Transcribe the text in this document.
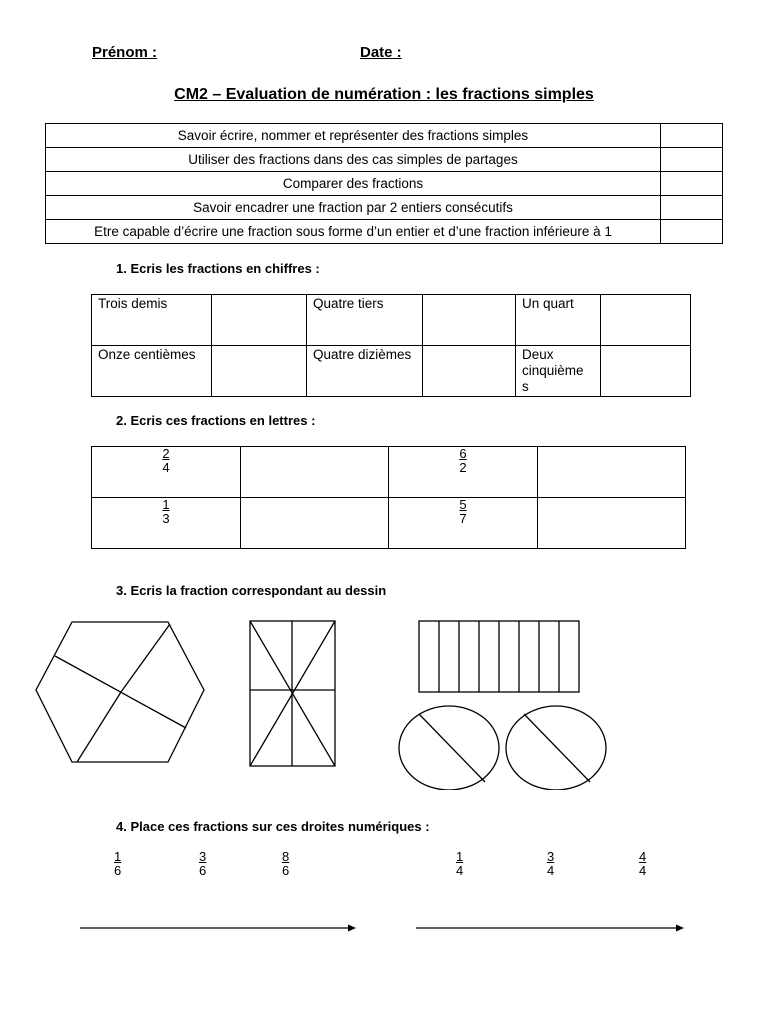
Prénom :	Date :
CM2 – Evaluation de numération : les fractions simples
Savoir écrire, nommer et représenter des fractions simples	
Utiliser des fractions dans des cas simples de partages	
Comparer des fractions	
Savoir encadrer une fraction par 2 entiers consécutifs	
Etre capable d’écrire une fraction sous forme d’un entier et d’une fraction inférieure à 1	
1. Ecris les fractions en chiffres :
Trois demis		Quatre tiers		Un quart	
Onze centièmes		Quatre dizièmes		Deux cinquième s	
2. Ecris ces fractions en lettres :
$\frac{2}{4}$		$\frac{6}{2}$

$\frac{1}{3}$		$\frac{5}{7}$

3. Ecris la fraction correspondant au dessin
4. Place ces fractions sur ces droites numériques :
$\frac{1}{6}$	$\frac{3}{6}$	$\frac{8}{6}$	$\frac{1}{4}$	$\frac{3}{4}$	$\frac{4}{4}$
